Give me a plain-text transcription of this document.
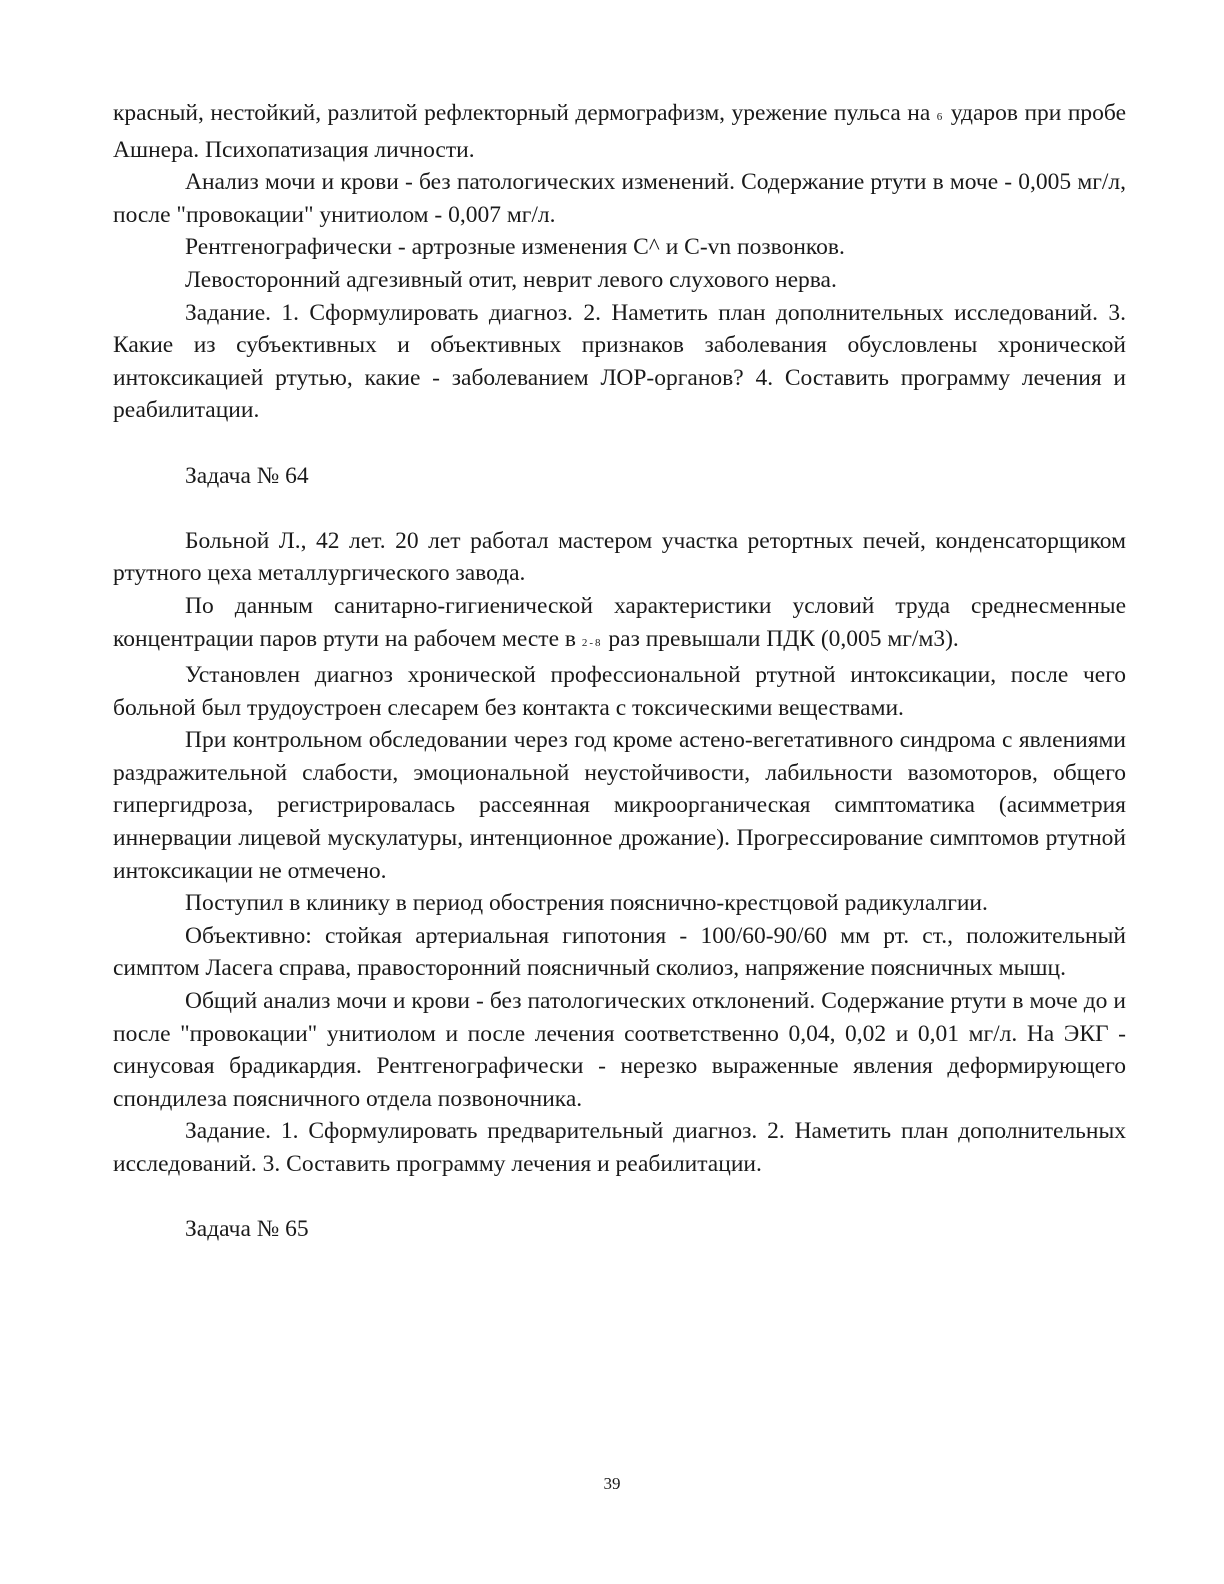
красный, нестойкий, разлитой рефлекторный дермографизм, урежение пульса на 6 ударов при пробе Ашнера. Психопатизация личности.

Анализ мочи и крови - без патологических изменений. Содержание ртути в моче - 0,005 мг/л, после "провокации" унитиолом - 0,007 мг/л.

Рентгенографически - артрозные изменения С^ и С-vn позвонков.

Левосторонний адгезивный отит, неврит левого слухового нерва.

Задание. 1. Сформулировать диагноз. 2. Наметить план дополнительных исследований. 3. Какие из субъективных и объективных признаков заболевания обусловлены хронической интоксикацией ртутью, какие - заболеванием ЛОР-органов? 4. Составить программу лечения и реабилитации.

Задача № 64

Больной Л., 42 лет. 20 лет работал мастером участка ретортных печей, конденсаторщиком ртутного цеха металлургического завода.

По данным санитарно-гигиенической характеристики условий труда среднесменные концентрации паров ртути на рабочем месте в 2-8 раз превышали ПДК (0,005 мг/м3).

Установлен диагноз хронической профессиональной ртутной интоксикации, после чего больной был трудоустроен слесарем без контакта с токсическими веществами.

При контрольном обследовании через год кроме астено-вегетативного синдрома с явлениями раздражительной слабости, эмоциональной неустойчивости, лабильности вазомоторов, общего гипергидроза, регистрировалась рассеянная микроорганическая симптоматика (асимметрия иннервации лицевой мускулатуры, интенционное дрожание). Прогрессирование симптомов ртутной интоксикации не отмечено.

Поступил в клинику в период обострения пояснично-крестцовой радикулалгии.

Объективно: стойкая артериальная гипотония - 100/60-90/60 мм рт. ст., положительный симптом Ласега справа, правосторонний поясничный сколиоз, напряжение поясничных мышц.

Общий анализ мочи и крови - без патологических отклонений. Содержание ртути в моче до и после "провокации" унитиолом и после лечения соответственно 0,04, 0,02 и 0,01 мг/л. На ЭКГ - синусовая брадикардия. Рентгенографически - нерезко выраженные явления деформирующего спондилеза поясничного отдела позвоночника.

Задание. 1. Сформулировать предварительный диагноз. 2. Наметить план дополнительных исследований. 3. Составить программу лечения и реабилитации.

Задача № 65

39
